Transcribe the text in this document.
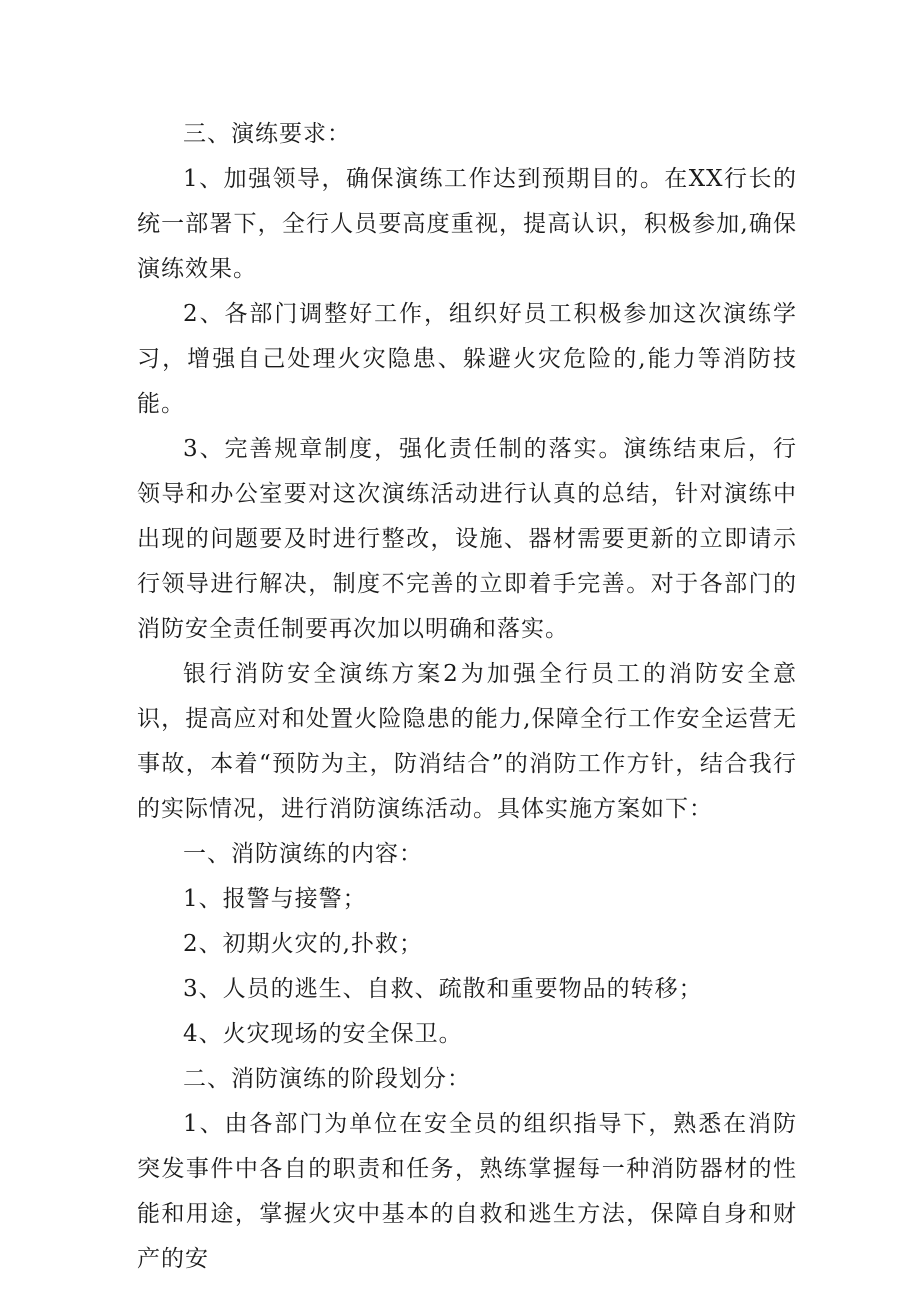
三、演练要求：

1、加强领导，确保演练工作达到预期目的。在XX行长的统一部署下，全行人员要高度重视，提高认识，积极参加,确保演练效果。

2、各部门调整好工作，组织好员工积极参加这次演练学习，增强自己处理火灾隐患、躲避火灾危险的,能力等消防技能。

3、完善规章制度，强化责任制的落实。演练结束后，行领导和办公室要对这次演练活动进行认真的总结，针对演练中出现的问题要及时进行整改，设施、器材需要更新的立即请示行领导进行解决，制度不完善的立即着手完善。对于各部门的消防安全责任制要再次加以明确和落实。

银行消防安全演练方案2为加强全行员工的消防安全意识，提高应对和处置火险隐患的能力,保障全行工作安全运营无事故，本着“预防为主，防消结合”的消防工作方针，结合我行的实际情况，进行消防演练活动。具体实施方案如下：

一、消防演练的内容：

1、报警与接警；

2、初期火灾的,扑救；

3、人员的逃生、自救、疏散和重要物品的转移；

4、火灾现场的安全保卫。

二、消防演练的阶段划分：

1、由各部门为单位在安全员的组织指导下，熟悉在消防突发事件中各自的职责和任务，熟练掌握每一种消防器材的性能和用途，掌握火灾中基本的自救和逃生方法，保障自身和财产的安
